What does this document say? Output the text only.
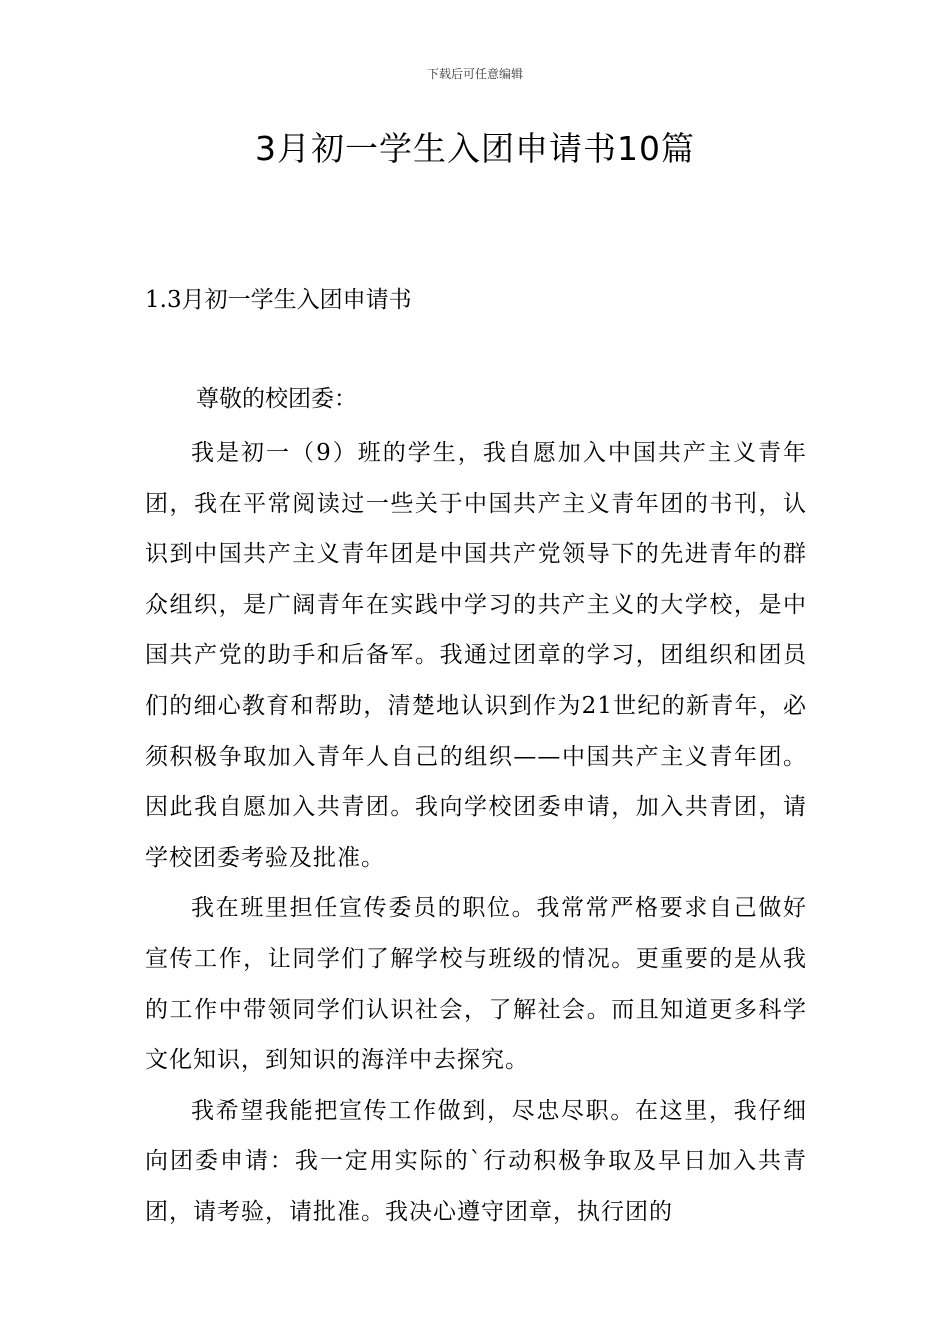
下载后可任意编辑
3月初一学生入团申请书10篇
1.3月初一学生入团申请书

尊敬的校团委：

我是初一（9）班的学生，我自愿加入中国共产主义青年团，我在平常阅读过一些关于中国共产主义青年团的书刊，认识到中国共产主义青年团是中国共产党领导下的先进青年的群众组织，是广阔青年在实践中学习的共产主义的大学校，是中国共产党的助手和后备军。我通过团章的学习，团组织和团员们的细心教育和帮助，清楚地认识到作为21世纪的新青年，必须积极争取加入青年人自己的组织——中国共产主义青年团。因此我自愿加入共青团。我向学校团委申请，加入共青团，请学校团委考验及批准。

我在班里担任宣传委员的职位。我常常严格要求自己做好宣传工作，让同学们了解学校与班级的情况。更重要的是从我的工作中带领同学们认识社会，了解社会。而且知道更多科学文化知识，到知识的海洋中去探究。

我希望我能把宣传工作做到，尽忠尽职。在这里，我仔细向团委申请：我一定用实际的`行动积极争取及早日加入共青团，请考验，请批准。我决心遵守团章，执行团的
